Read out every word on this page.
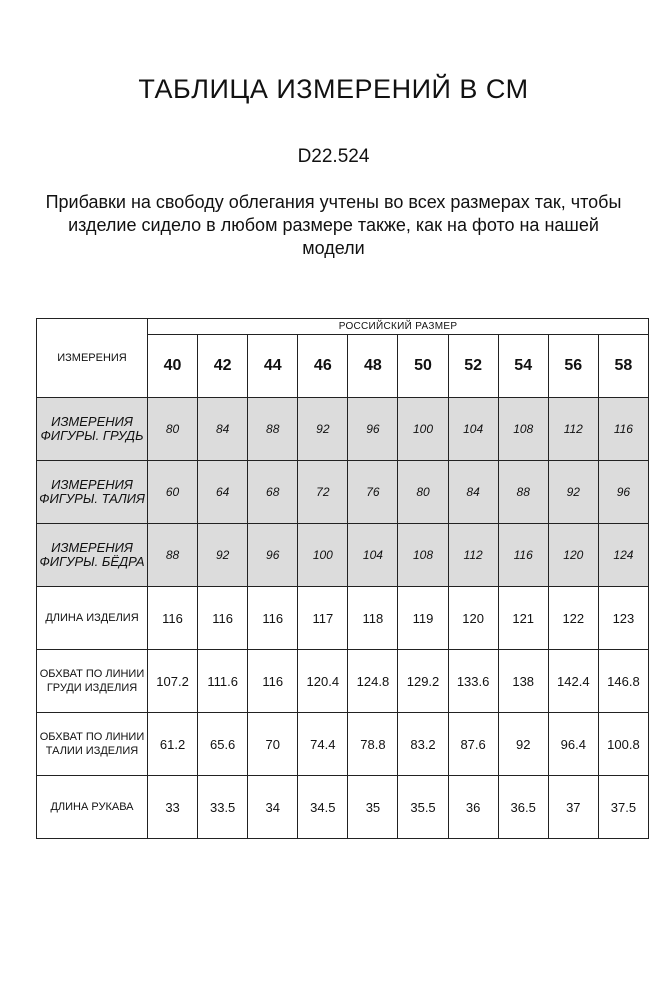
ТАБЛИЦА ИЗМЕРЕНИЙ В СМ
D22.524
Прибавки на свободу облегания учтены во всех размерах так, чтобы изделие сидело в любом размере также, как на фото на нашей модели
ИЗМЕРЕНИЯ	РОССИЙСКИЙ РАЗМЕР									
	40	42	44	46	48	50	52	54	56	58
ИЗМЕРЕНИЯ ФИГУРЫ. ГРУДЬ	80	84	88	92	96	100	104	108	112	116
ИЗМЕРЕНИЯ ФИГУРЫ. ТАЛИЯ	60	64	68	72	76	80	84	88	92	96
ИЗМЕРЕНИЯ ФИГУРЫ. БЁДРА	88	92	96	100	104	108	112	116	120	124
ДЛИНА ИЗДЕЛИЯ	116	116	116	117	118	119	120	121	122	123
ОБХВАТ ПО ЛИНИИ ГРУДИ ИЗДЕЛИЯ	107.2	111.6	116	120.4	124.8	129.2	133.6	138	142.4	146.8
ОБХВАТ ПО ЛИНИИ ТАЛИИ ИЗДЕЛИЯ	61.2	65.6	70	74.4	78.8	83.2	87.6	92	96.4	100.8
ДЛИНА РУКАВА	33	33.5	34	34.5	35	35.5	36	36.5	37	37.5
